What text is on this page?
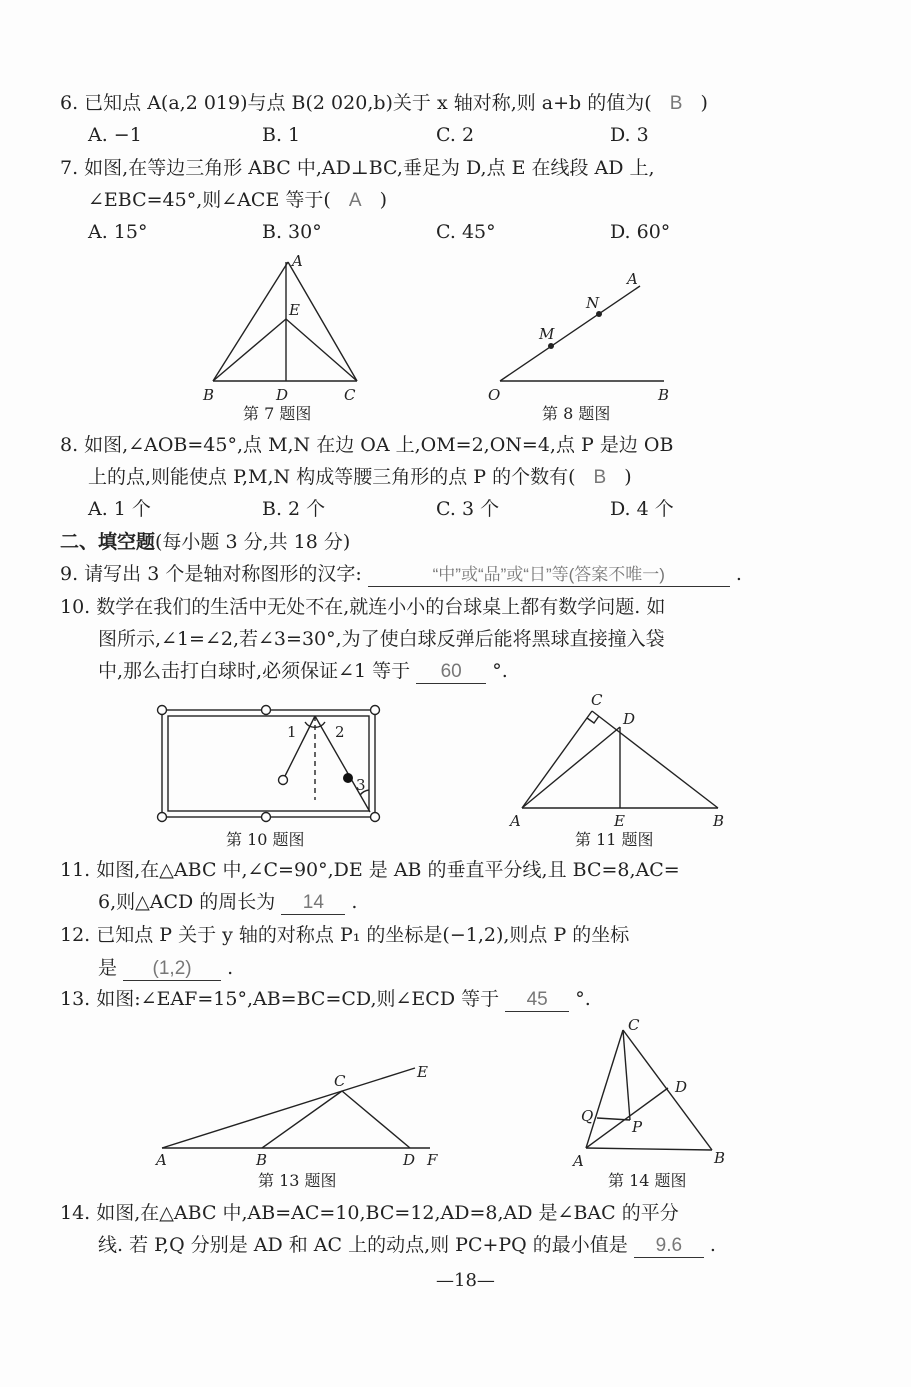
6. 已知点 A(a,2 019)与点 B(2 020,b)关于 x 轴对称,则 a+b 的值为( B )
A. −1	B. 1	C. 2	D. 3
7. 如图,在等边三角形 ABC 中,AD⊥BC,垂足为 D,点 E 在线段 AD 上,
∠EBC=45°,则∠ACE 等于( A )
A. 15°	B. 30°	C. 45°	D. 60°
A
E
B	D	C
A
N
M
O	B
1	2
3
C
D
A	E	B
C	E
A	B	D F
C
D
Q
P
A	B
第 7 题图	第 8 题图
8. 如图,∠AOB=45°,点 M,N 在边 OA 上,OM=2,ON=4,点 P 是边 OB
上的点,则能使点 P,M,N 构成等腰三角形的点 P 的个数有( B )
A. 1 个	B. 2 个	C. 3 个	D. 4 个
二、填空题(每小题 3 分,共 18 分)
9. 请写出 3 个是轴对称图形的汉字:	“中”或“品”或“日”等(答案不唯一)	.
10. 数学在我们的生活中无处不在,就连小小的台球桌上都有数学问题. 如
图所示,∠1=∠2,若∠3=30°,为了使白球反弹后能将黑球直接撞入袋
中,那么击打白球时,必须保证∠1 等于 60 °.
第 10 题图	第 11 题图
11. 如图,在△ABC 中,∠C=90°,DE 是 AB 的垂直平分线,且 BC=8,AC=
6,则△ACD 的周长为 14 .
12. 已知点 P 关于 y 轴的对称点 P₁ 的坐标是(−1,2),则点 P 的坐标
是 (1,2) .
13. 如图:∠EAF=15°,AB=BC=CD,则∠ECD 等于 45 °.
第 13 题图	第 14 题图
14. 如图,在△ABC 中,AB=AC=10,BC=12,AD=8,AD 是∠BAC 的平分
线. 若 P,Q 分别是 AD 和 AC 上的动点,则 PC+PQ 的最小值是 9.6 .
—18—
